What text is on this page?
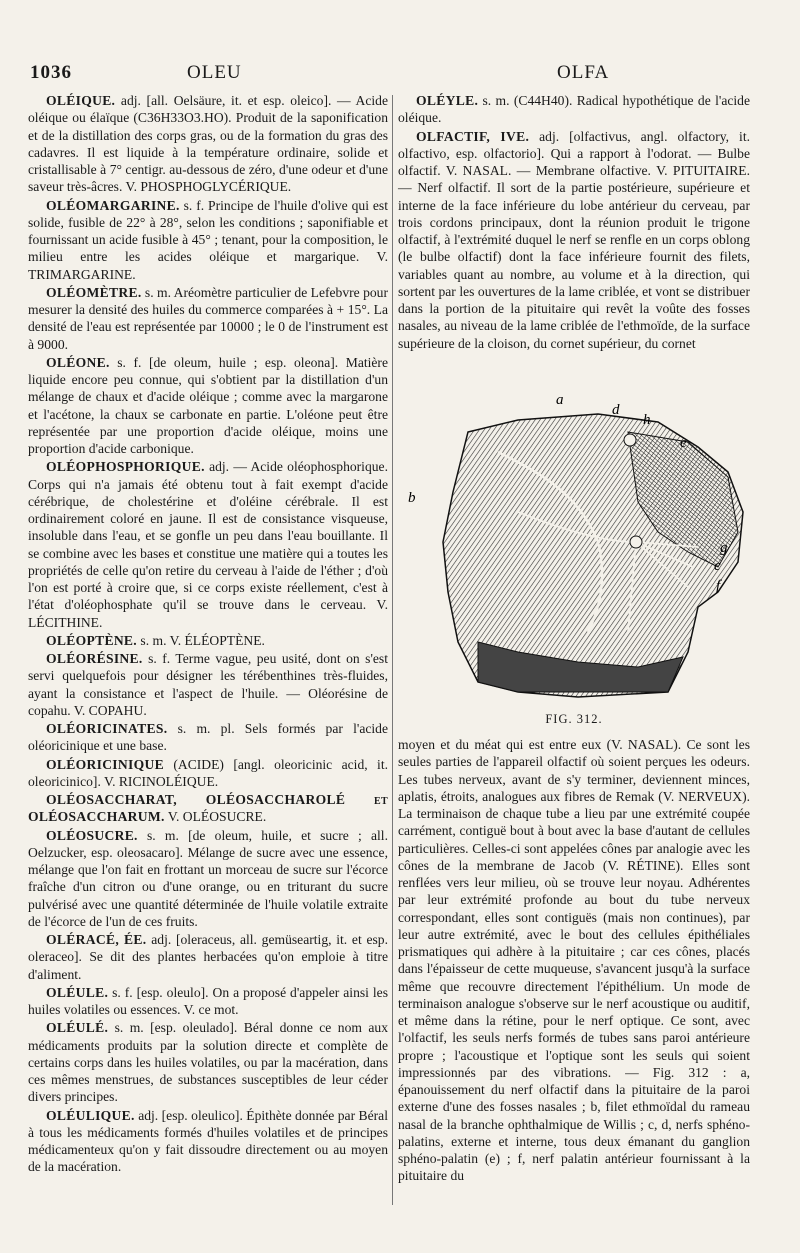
1036	OLEU	OLFA

OLÉIQUE. adj. [all. Oelsäure, it. et esp. oleico]. — Acide oléique ou élaïque (C36H33O3.HO). Produit de la saponification et de la distillation des corps gras, ou de la formation du gras des cadavres. Il est liquide à la température ordinaire, solide et cristallisable à 7° centigr. au-dessous de zéro, d'une odeur et d'une saveur très-âcres. V. PHOSPHOGLYCÉRIQUE.

OLÉOMARGARINE. s. f. Principe de l'huile d'olive qui est solide, fusible de 22° à 28°, selon les conditions ; saponifiable et fournissant un acide fusible à 45° ; tenant, pour la composition, le milieu entre les acides oléique et margarique. V. TRIMARGARINE.

OLÉOMÈTRE. s. m. Aréomètre particulier de Lefebvre pour mesurer la densité des huiles du commerce comparées à + 15°. La densité de l'eau est représentée par 10000 ; le 0 de l'instrument est à 9000.

OLÉONE. s. f. [de oleum, huile ; esp. oleona]. Matière liquide encore peu connue, qui s'obtient par la distillation d'un mélange de chaux et d'acide oléique ; comme avec la margarone et l'acétone, la chaux se carbonate en partie. L'oléone peut être représentée par une proportion d'acide oléique, moins une proportion d'acide carbonique.

OLÉOPHOSPHORIQUE. adj. — Acide oléophosphorique. Corps qui n'a jamais été obtenu tout à fait exempt d'acide cérébrique, de cholestérine et d'oléine cérébrale. Il est ordinairement coloré en jaune. Il est de consistance visqueuse, insoluble dans l'eau, et se gonfle un peu dans l'eau bouillante. Il se combine avec les bases et constitue une matière qui a toutes les propriétés de celle qu'on retire du cerveau à l'aide de l'éther ; d'où l'on est porté à croire que, si ce corps existe réellement, c'est à l'état d'oléophosphate qu'il se trouve dans le cerveau. V. LÉCITHINE.

OLÉOPTÈNE. s. m. V. ÉLÉOPTÈNE.

OLÉORÉSINE. s. f. Terme vague, peu usité, dont on s'est servi quelquefois pour désigner les térébenthines très-fluides, ayant la consistance et l'aspect de l'huile. — Oléorésine de copahu. V. COPAHU.

OLÉORICINATES. s. m. pl. Sels formés par l'acide oléoricinique et une base.

OLÉORICINIQUE (ACIDE) [angl. oleoricinic acid, it. oleoricinico]. V. RICINOLÉIQUE.

OLÉOSACCHARAT, OLÉOSACCHAROLÉ et OLÉOSACCHARUM. V. OLÉOSUCRE.

OLÉOSUCRE. s. m. [de oleum, huile, et sucre ; all. Oelzucker, esp. oleosacaro]. Mélange de sucre avec une essence, mélange que l'on fait en frottant un morceau de sucre sur l'écorce fraîche d'un citron ou d'une orange, ou en triturant du sucre pulvérisé avec une quantité déterminée de l'huile volatile extraite de l'écorce de l'un de ces fruits.

OLÉRACÉ, ÉE. adj. [oleraceus, all. gemüseartig, it. et esp. oleraceo]. Se dit des plantes herbacées qu'on emploie à titre d'aliment.

OLÉULE. s. f. [esp. oleulo]. On a proposé d'appeler ainsi les huiles volatiles ou essences. V. ce mot.

OLÉULÉ. s. m. [esp. oleulado]. Béral donne ce nom aux médicaments produits par la solution directe et complète de certains corps dans les huiles volatiles, ou par la macération, dans ces mêmes menstrues, de substances susceptibles de leur céder divers principes.

OLÉULIQUE. adj. [esp. oleulico]. Épithète donnée par Béral à tous les médicaments formés d'huiles volatiles et de principes médicamenteux qu'on y fait dissoudre directement ou au moyen de la macération.

OLÉYLE. s. m. (C44H40). Radical hypothétique de l'acide oléique.

OLFACTIF, IVE. adj. [olfactivus, angl. olfactory, it. olfactivo, esp. olfactorio]. Qui a rapport à l'odorat. — Bulbe olfactif. V. NASAL. — Membrane olfactive. V. PITUITAIRE. — Nerf olfactif. Il sort de la partie postérieure, supérieure et interne de la face inférieure du lobe antérieur du cerveau, par trois cordons principaux, dont la réunion produit le trigone olfactif, à l'extrémité duquel le nerf se renfle en un corps oblong (le bulbe olfactif) dont la face inférieure fournit des filets, variables quant au nombre, au volume et à la direction, qui sortent par les ouvertures de la lame criblée, et vont se distribuer dans la portion de la pituitaire qui revêt la voûte des fosses nasales, au niveau de la lame criblée de l'ethmoïde, de la surface supérieure de la cloison, du cornet supérieur, du cornet

a
d
h
e
b
g
c
f
FIG. 312.

moyen et du méat qui est entre eux (V. NASAL). Ce sont les seules parties de l'appareil olfactif où soient perçues les odeurs. Les tubes nerveux, avant de s'y terminer, deviennent minces, aplatis, étroits, analogues aux fibres de Remak (V. NERVEUX). La terminaison de chaque tube a lieu par une extrémité coupée carrément, contiguë bout à bout avec la base d'autant de cellules particulières. Celles-ci sont appelées cônes par analogie avec les cônes de la membrane de Jacob (V. RÉTINE). Elles sont renflées vers leur milieu, où se trouve leur noyau. Adhérentes par leur extrémité profonde au bout du tube nerveux correspondant, elles sont contiguës (mais non continues), par leur autre extrémité, avec le bout des cellules épithéliales prismatiques qui adhère à la pituitaire ; car ces cônes, placés dans l'épaisseur de cette muqueuse, s'avancent jusqu'à la surface même que recouvre directement l'épithélium. Un mode de terminaison analogue s'observe sur le nerf acoustique ou auditif, et même dans la rétine, pour le nerf optique. Ce sont, avec l'olfactif, les seuls nerfs formés de tubes sans paroi antérieure propre ; l'acoustique et l'optique sont les seuls qui soient impressionnés par des vibrations. — Fig. 312 : a, épanouissement du nerf olfactif dans la pituitaire de la paroi externe d'une des fosses nasales ; b, filet ethmoïdal du rameau nasal de la branche ophthalmique de Willis ; c, d, nerfs sphéno-palatins, externe et interne, tous deux émanant du ganglion sphéno-palatin (e) ; f, nerf palatin antérieur fournissant à la pituitaire du
